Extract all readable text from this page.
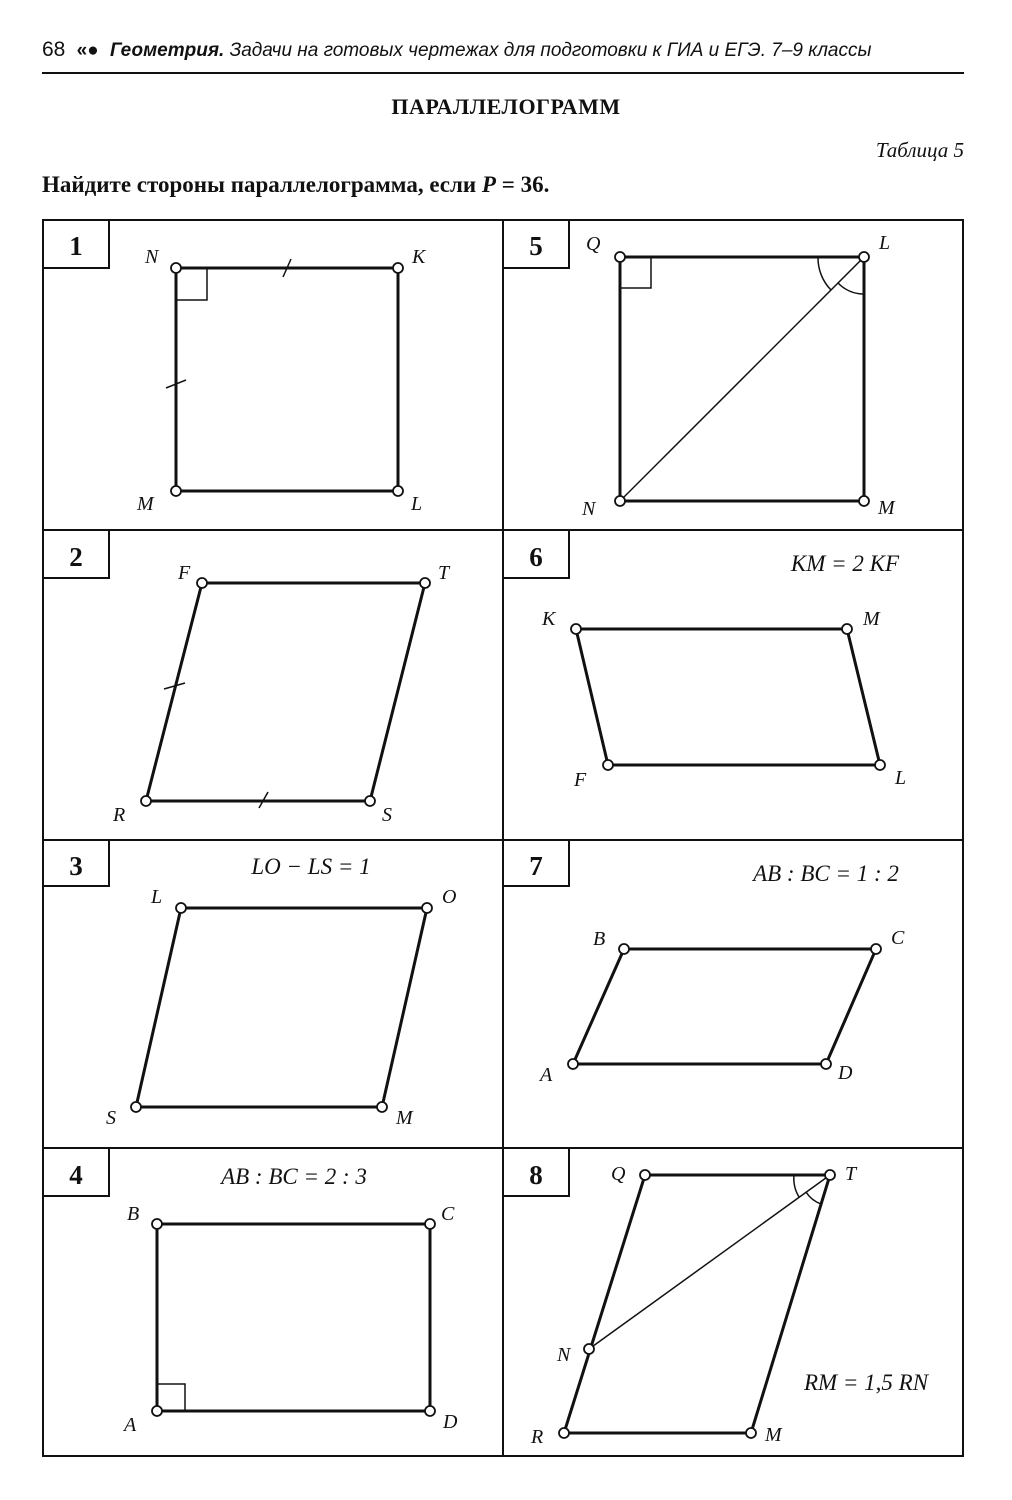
68 «● Геометрия. Задачи на готовых чертежах для подготовки к ГИА и ЕГЭ. 7–9 классы
ПАРАЛЛЕЛОГРАММ
Таблица 5
Найдите стороны параллелограмма, если P = 36.
1	N	K
L
M
2
F	T
S
R
3	LO − LS = 1
L	O
M
S
4	AB : BC = 2 : 3
B	C
D
A
5 Q	L
M
N
6	KM = 2 KF
K	M
L
F
7	AB : BC = 1 : 2
B	C
D
A
8
RM = 1,5 RN
Q	T
M
R
N
